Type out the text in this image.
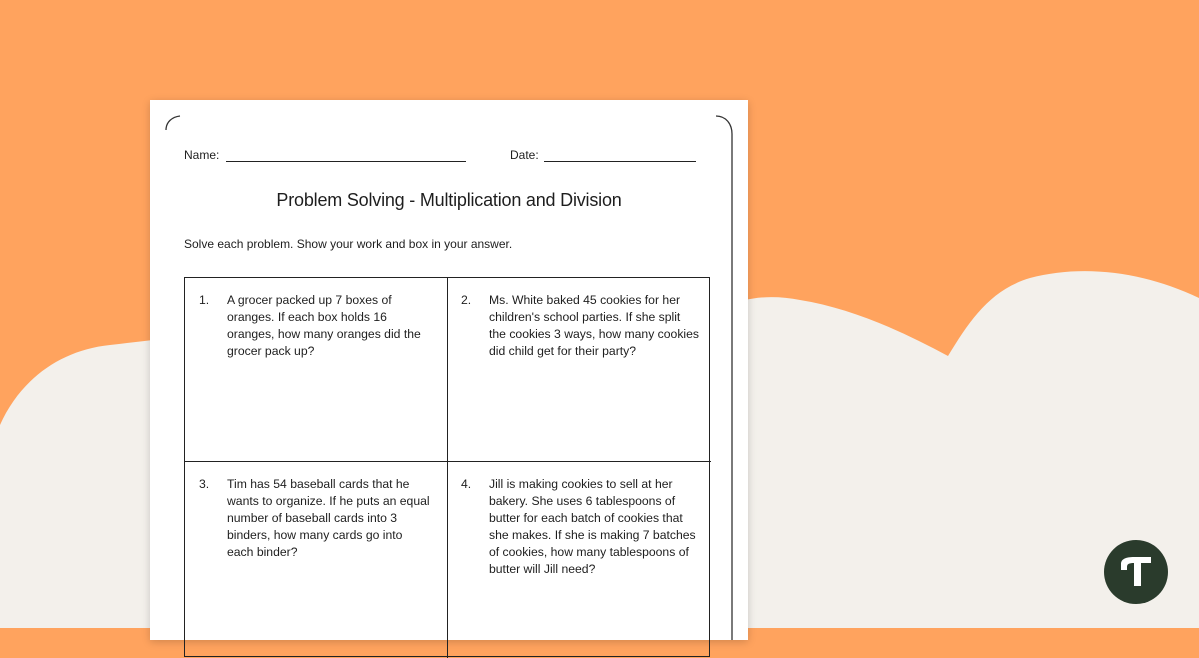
Name:	Date:
Problem Solving - Multiplication and Division
Solve each problem. Show your work and box in your answer.
1.	A grocer packed up 7 boxes of
oranges. If each box holds 16
oranges, how many oranges did the
grocer pack up?
2.	Ms. White baked 45 cookies for her
children's school parties. If she split
the cookies 3 ways, how many cookies
did child get for their party?
3.	Tim has 54 baseball cards that he
wants to organize. If he puts an equal
number of baseball cards into 3
binders, how many cards go into
each binder?
4.	Jill is making cookies to sell at her
bakery. She uses 6 tablespoons of
butter for each batch of cookies that
she makes. If she is making 7 batches
of cookies, how many tablespoons of
butter will Jill need?
